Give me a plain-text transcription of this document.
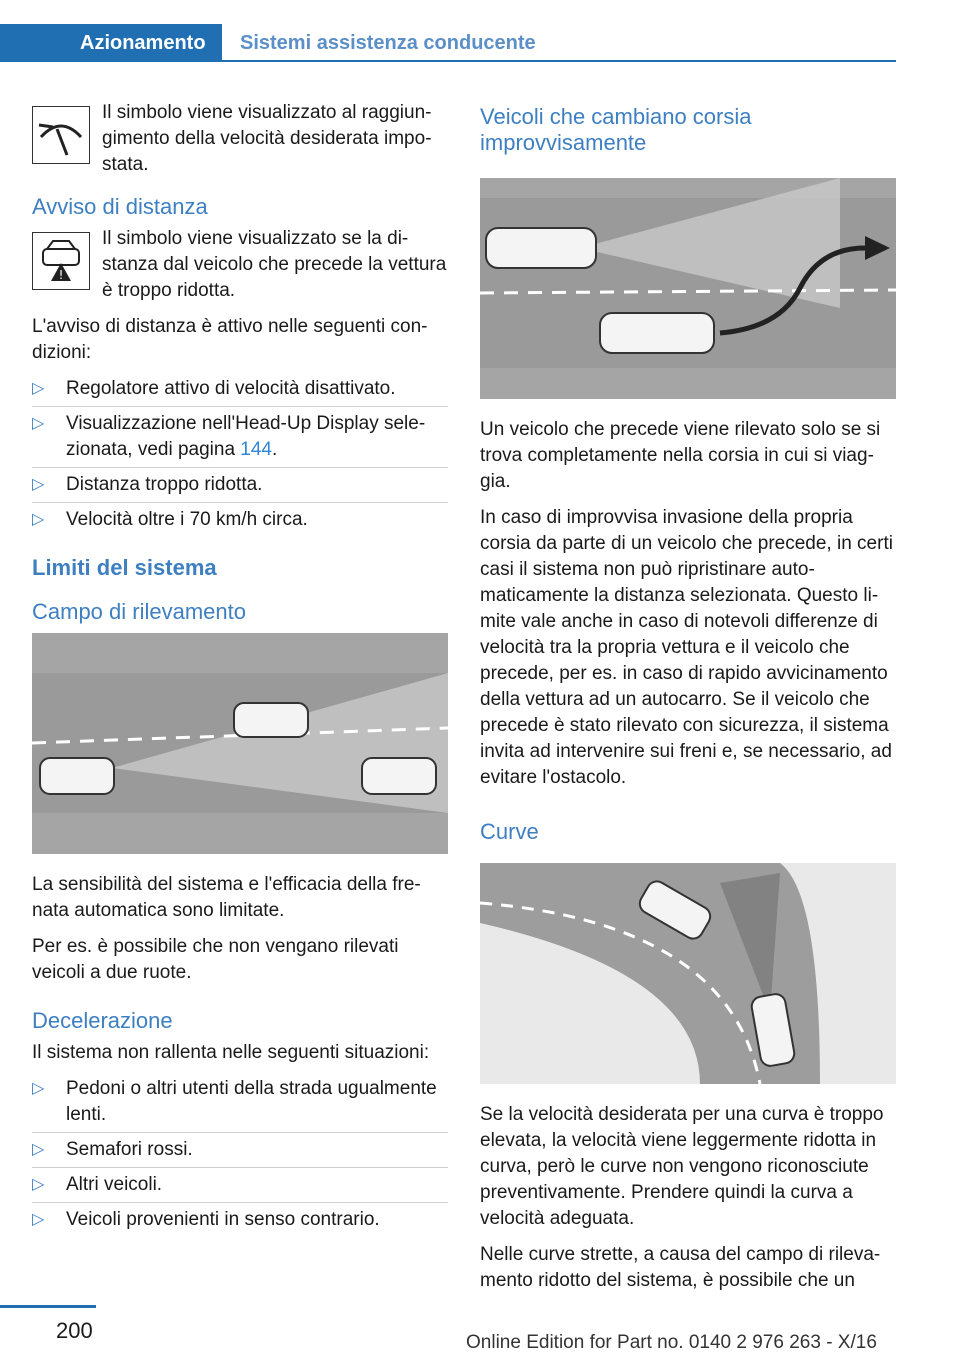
Azionamento Sistemi assistenza conducente

Il simbolo viene visualizzato al raggiungimento della velocità desiderata impostata.

Avviso di distanza
!

Il simbolo viene visualizzato se la distanza dal veicolo che precede la vettura è troppo ridotta.

L'avviso di distanza è attivo nelle seguenti condizioni:

▷ Regolatore attivo di velocità disattivato.
▷ Visualizzazione nell'Head-Up Display selezionata, vedi pagina 144.
▷ Distanza troppo ridotta.
▷ Velocità oltre i 70 km/h circa.
Limiti del sistema
Campo di rilevamento

La sensibilità del sistema e l'efficacia della frenata automatica sono limitate.

Per es. è possibile che non vengano rilevati veicoli a due ruote.

Decelerazione

Il sistema non rallenta nelle seguenti situazioni:

▷ Pedoni o altri utenti della strada ugualmente lenti.
▷ Semafori rossi.
▷ Altri veicoli.
▷ Veicoli provenienti in senso contrario.
Veicoli che cambiano corsia improvvisamente

Un veicolo che precede viene rilevato solo se si trova completamente nella corsia in cui si viaggia.

In caso di improvvisa invasione della propria corsia da parte di un veicolo che precede, in certi casi il sistema non può ripristinare automaticamente la distanza selezionata. Questo limite vale anche in caso di notevoli differenze di velocità tra la propria vettura e il veicolo che precede, per es. in caso di rapido avvicinamento della vettura ad un autocarro. Se il veicolo che precede è stato rilevato con sicurezza, il sistema invita ad intervenire sui freni e, se necessario, ad evitare l'ostacolo.

Curve

Se la velocità desiderata per una curva è troppo elevata, la velocità viene leggermente ridotta in curva, però le curve non vengono riconosciute preventivamente. Prendere quindi la curva a velocità adeguata.

Nelle curve strette, a causa del campo di rilevamento ridotto del sistema, è possibile che un

200	Online Edition for Part no. 0140 2 976 263 - X/16
